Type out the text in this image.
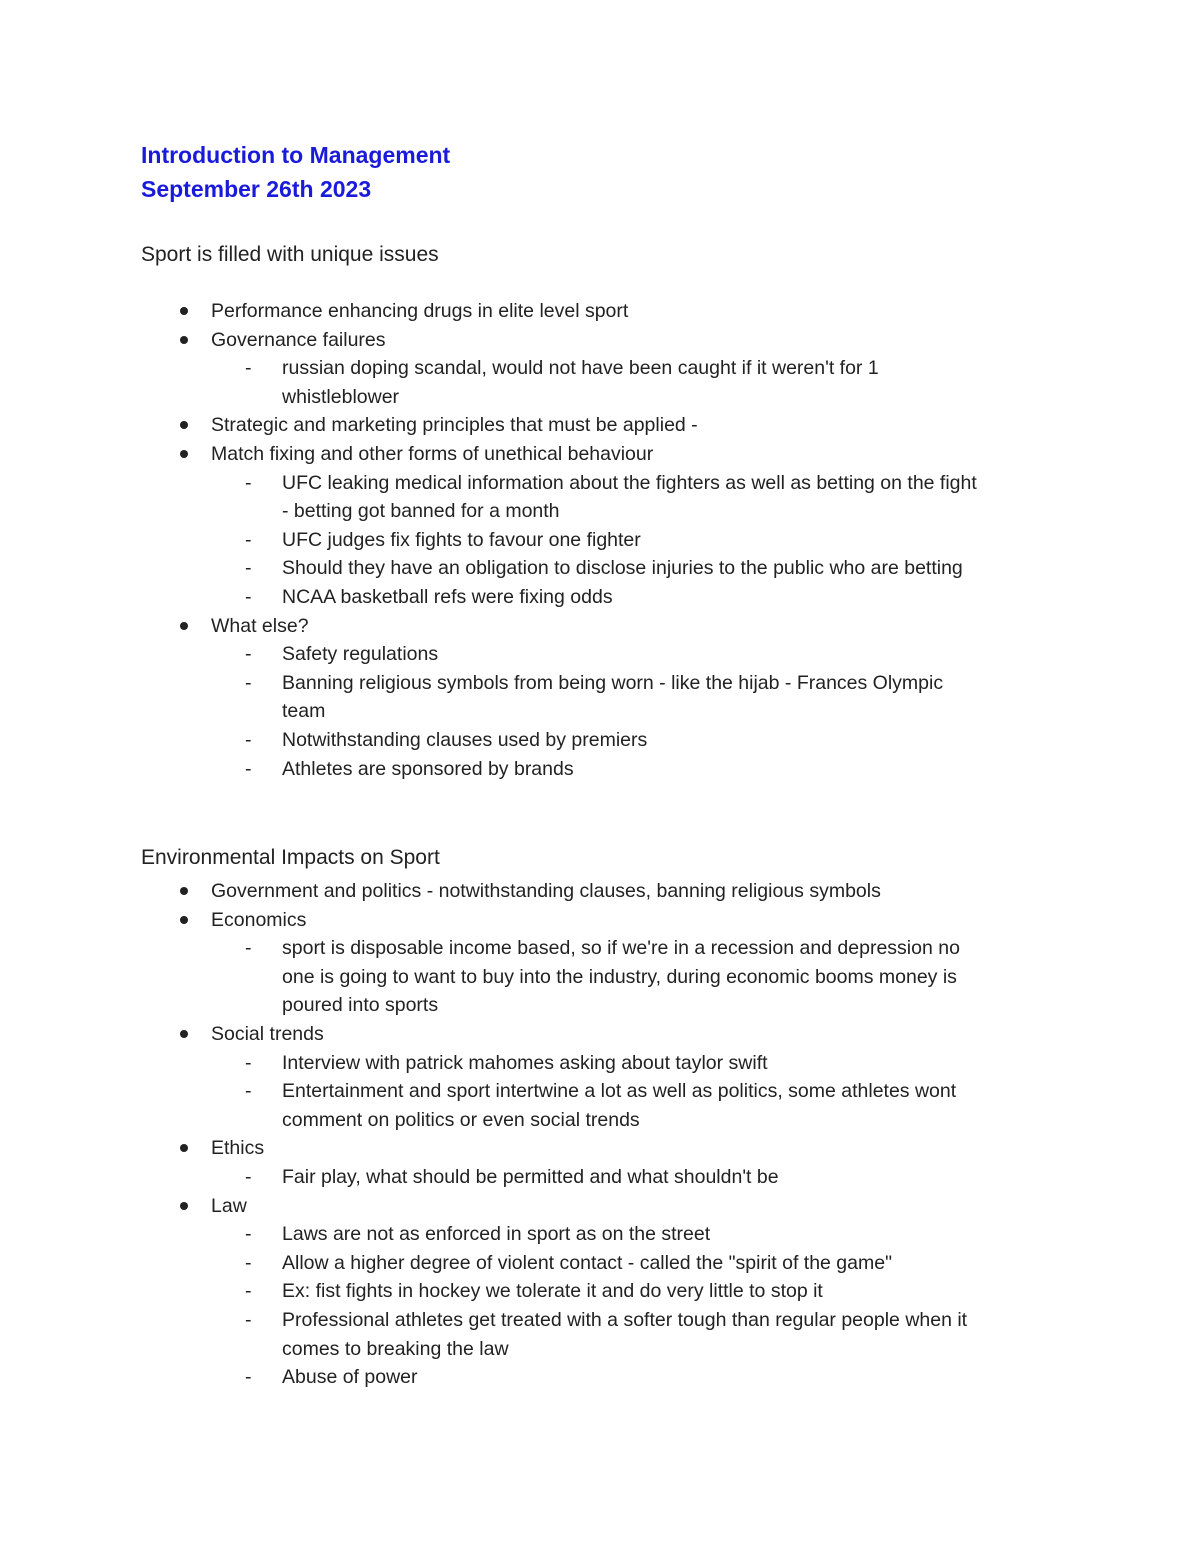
Introduction to Management
September 26th 2023
Sport is filled with unique issues
Performance enhancing drugs in elite level sport
Governance failures
- russian doping scandal, would not have been caught if it weren't for 1
whistleblower
Strategic and marketing principles that must be applied -
Match fixing and other forms of unethical behaviour
- UFC leaking medical information about the fighters as well as betting on the fight
- betting got banned for a month
- UFC judges fix fights to favour one fighter
- Should they have an obligation to disclose injuries to the public who are betting
- NCAA basketball refs were fixing odds
What else?
- Safety regulations
- Banning religious symbols from being worn - like the hijab - Frances Olympic
team
- Notwithstanding clauses used by premiers
- Athletes are sponsored by brands
Environmental Impacts on Sport
Government and politics - notwithstanding clauses, banning religious symbols
Economics
- sport is disposable income based, so if we're in a recession and depression no
one is going to want to buy into the industry, during economic booms money is
poured into sports
Social trends
- Interview with patrick mahomes asking about taylor swift
- Entertainment and sport intertwine a lot as well as politics, some athletes wont
comment on politics or even social trends
Ethics
- Fair play, what should be permitted and what shouldn't be
Law
- Laws are not as enforced in sport as on the street
- Allow a higher degree of violent contact - called the "spirit of the game"
- Ex: fist fights in hockey we tolerate it and do very little to stop it
- Professional athletes get treated with a softer tough than regular people when it
comes to breaking the law
- Abuse of power
